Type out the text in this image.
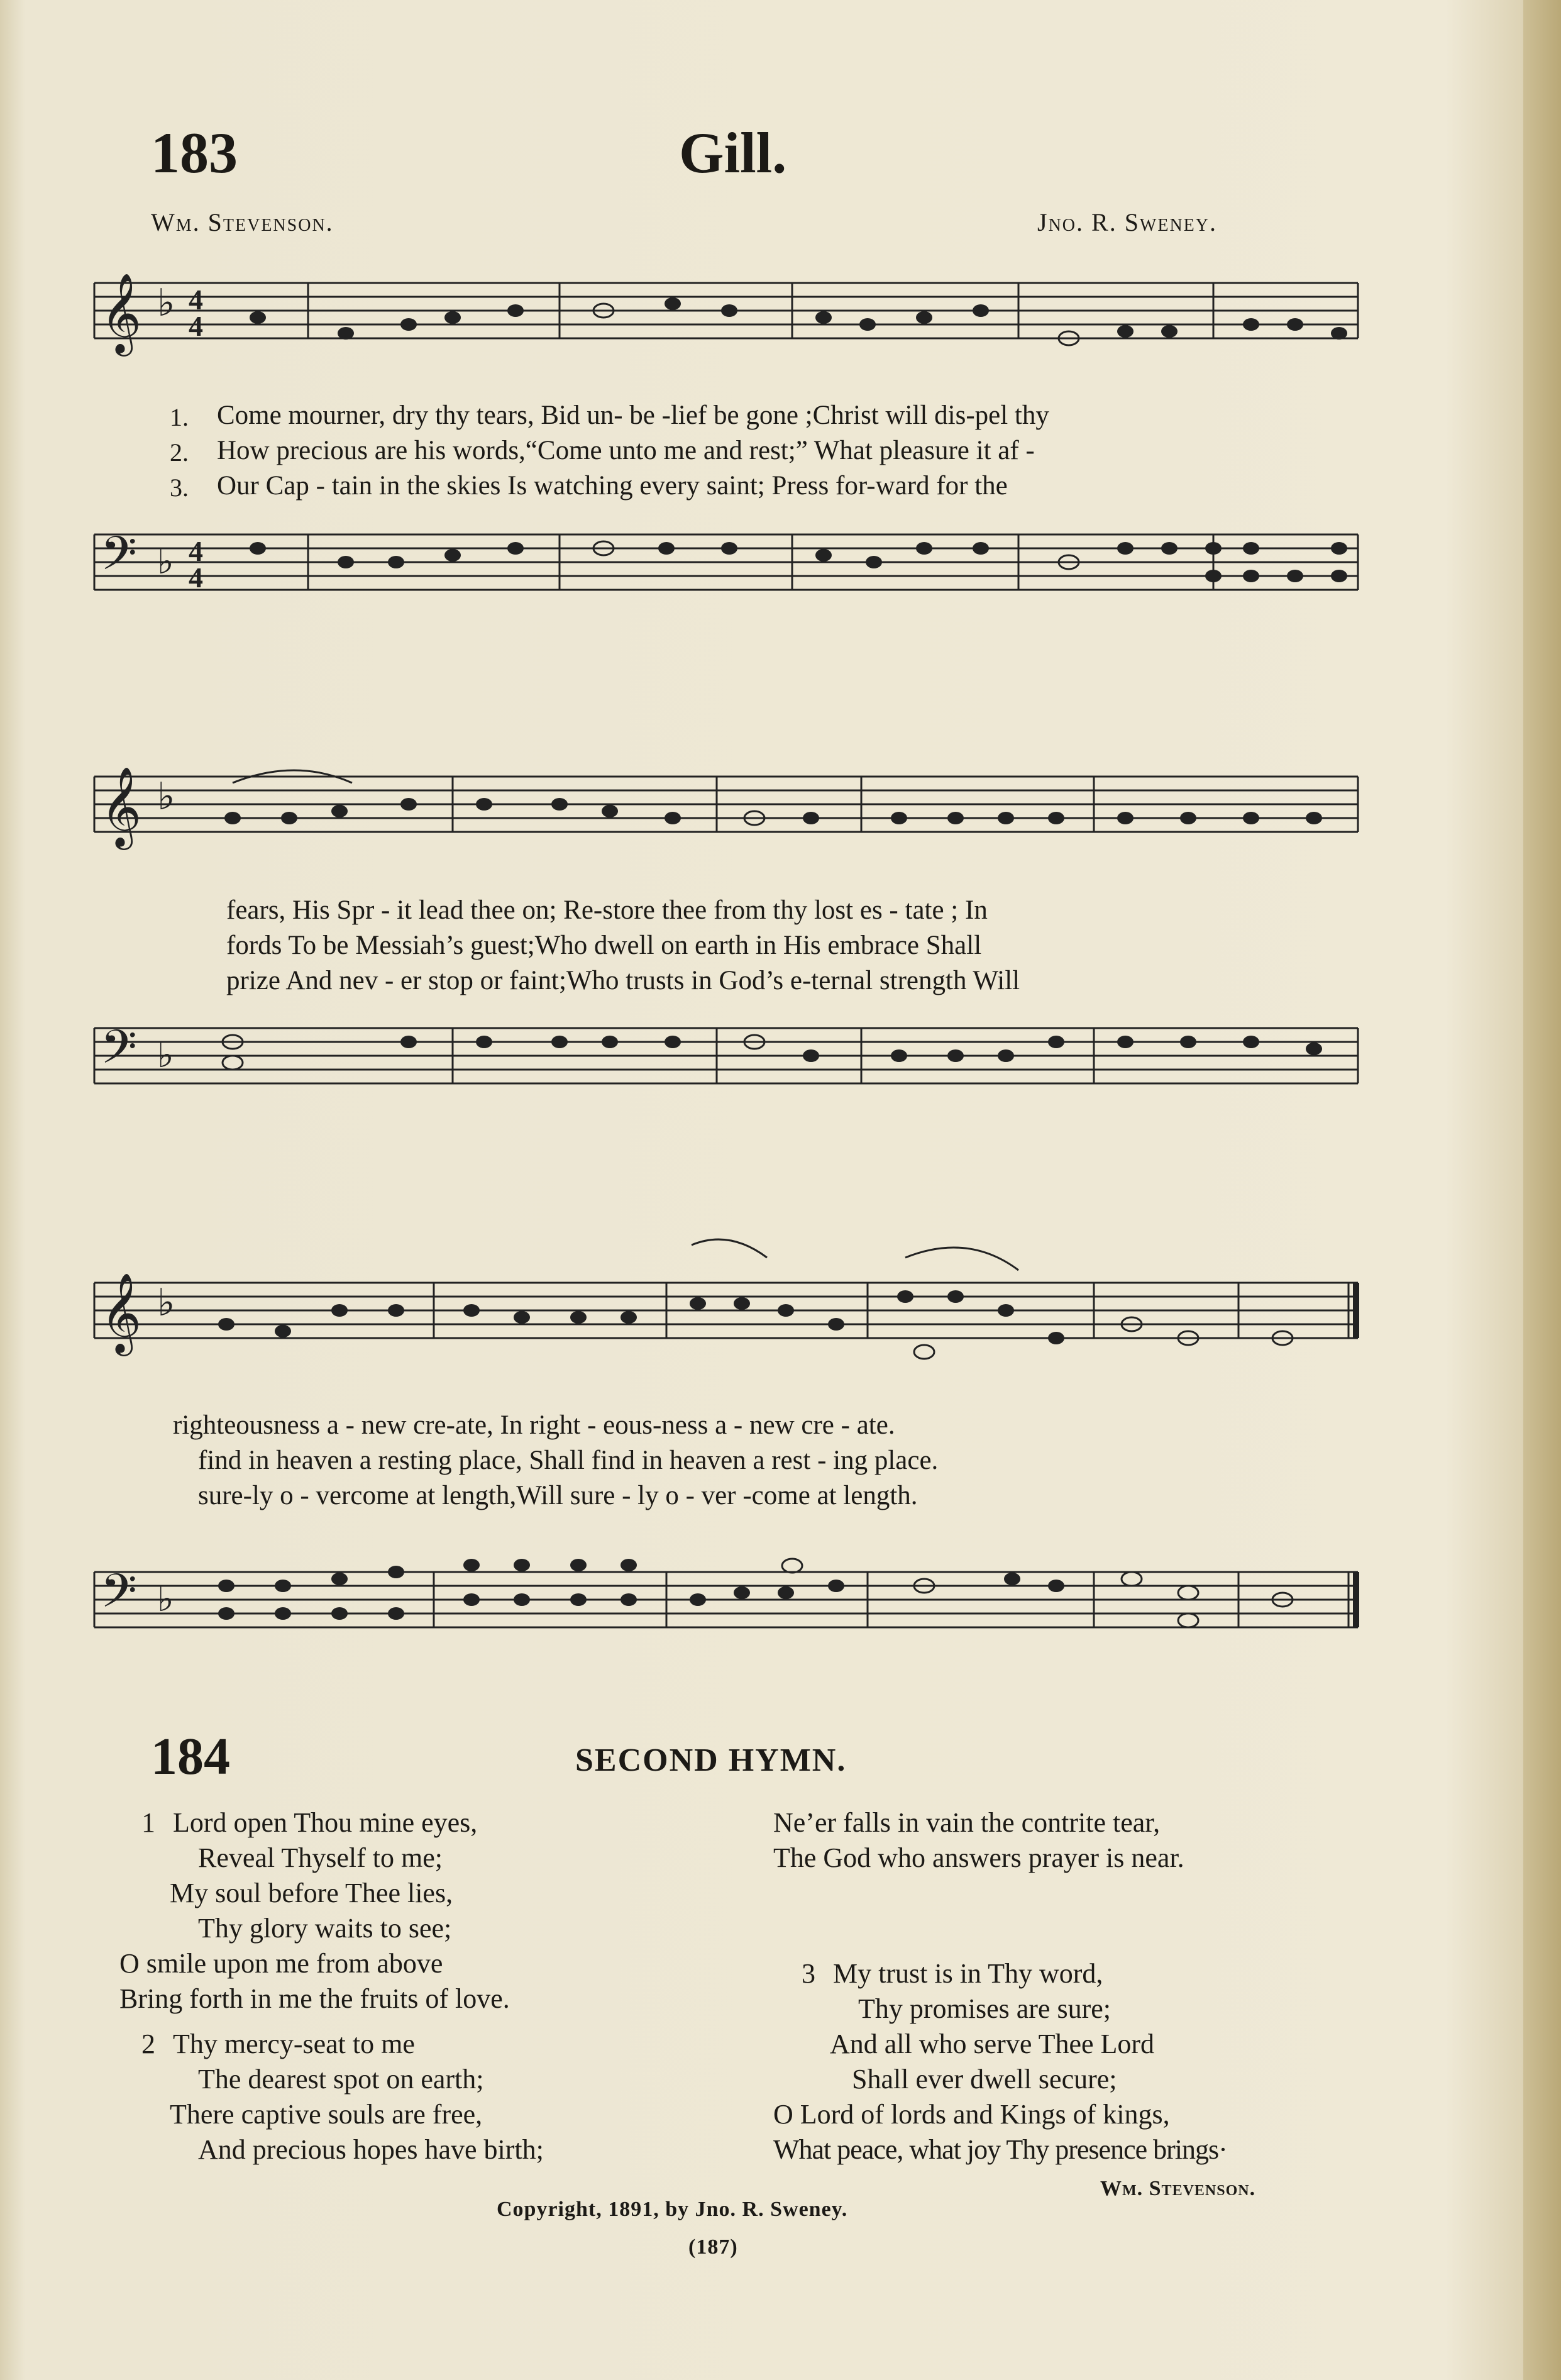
183	Gill.
Wm. Stevenson.	Jno. R. Sweney.
𝄞 ♭ 4
4
1. Come mourner, dry thy tears, Bid un- be -lief be gone ;Christ will dis-pel thy
2. How precious are his words,“Come unto me and rest;” What pleasure it af -
3. Our Cap - tain in the skies Is watching every saint; Press for-ward for the
𝄢 ♭ 4
4
𝄞 ♭
fears, His Spr - it lead thee on; Re-store thee from thy lost es - tate ; In
fords To be Messiah’s guest;Who dwell on earth in His embrace Shall
prize And nev - er stop or faint;Who trusts in God’s e-ternal strength Will
𝄢 ♭
𝄞 ♭
righteousness a - new cre-ate, In right - eous-ness a - new cre - ate.
find in heaven a resting place, Shall find in heaven a rest - ing place.
sure-ly o - vercome at length,Will sure - ly o - ver -come at length.
𝄢 ♭
184	SECOND HYMN.
1 Lord open Thou mine eyes,
Reveal Thyself to me;
My soul before Thee lies,
Thy glory waits to see;
O smile upon me from above
Bring forth in me the fruits of love.
2 Thy mercy-seat to me
The dearest spot on earth;
There captive souls are free,
And precious hopes have birth;
Ne’er falls in vain the contrite tear,
The God who answers prayer is near.
3 My trust is in Thy word,
Thy promises are sure;
And all who serve Thee Lord
Shall ever dwell secure;
O Lord of lords and Kings of kings,
What peace, what joy Thy presence brings·
Wm. Stevenson.
Copyright, 1891, by Jno. R. Sweney.
(187)
